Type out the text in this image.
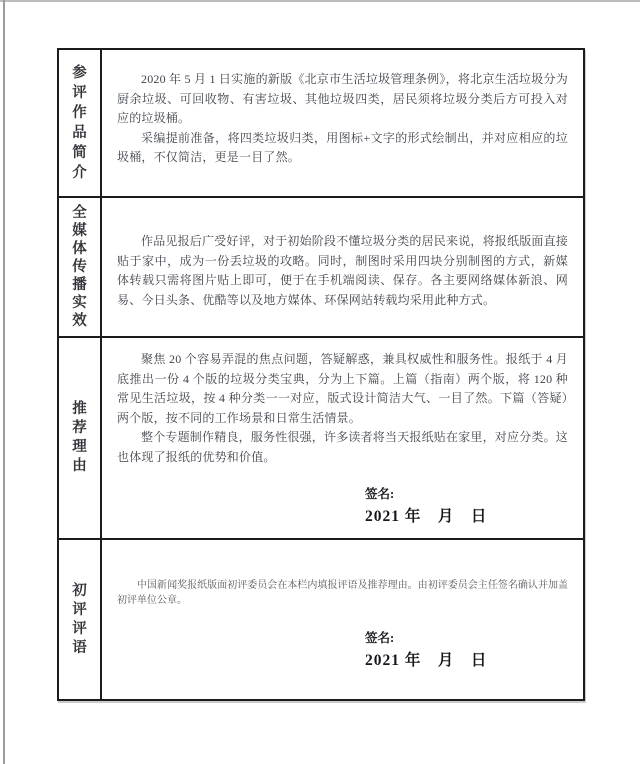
参评作品简介

2020 年 5 月 1 日实施的新版《北京市生活垃圾管理条例》，将北京生活垃圾分为厨余垃圾、可回收物、有害垃圾、其他垃圾四类，居民须将垃圾分类后方可投入对应的垃圾桶。

采编提前准备，将四类垃圾归类，用图标+文字的形式绘制出，并对应相应的垃圾桶，不仅简洁，更是一目了然。

全媒体传播实效

作品见报后广受好评，对于初始阶段不懂垃圾分类的居民来说，将报纸版面直接贴于家中，成为一份丢垃圾的攻略。同时，制图时采用四块分别制图的方式，新媒体转载只需将图片贴上即可，便于在手机端阅读、保存。各主要网络媒体新浪、网易、今日头条、优酷等以及地方媒体、环保网站转载均采用此种方式。

推荐理由

聚焦 20 个容易弄混的焦点问题，答疑解惑，兼具权威性和服务性。报纸于 4 月底推出一份 4 个版的垃圾分类宝典，分为上下篇。上篇（指南）两个版，将 120 种常见生活垃圾，按 4 种分类一一对应，版式设计简洁大气、一目了然。下篇（答疑）两个版，按不同的工作场景和日常生活情景。

整个专题制作精良，服务性很强，许多读者将当天报纸贴在家里，对应分类。这也体现了报纸的优势和价值。

签名:
2021 年　月　日
初评评语

中国新闻奖报纸版面初评委员会在本栏内填报评语及推荐理由。由初评委员会主任签名确认并加盖初评单位公章。

签名:
2021 年　月　日
